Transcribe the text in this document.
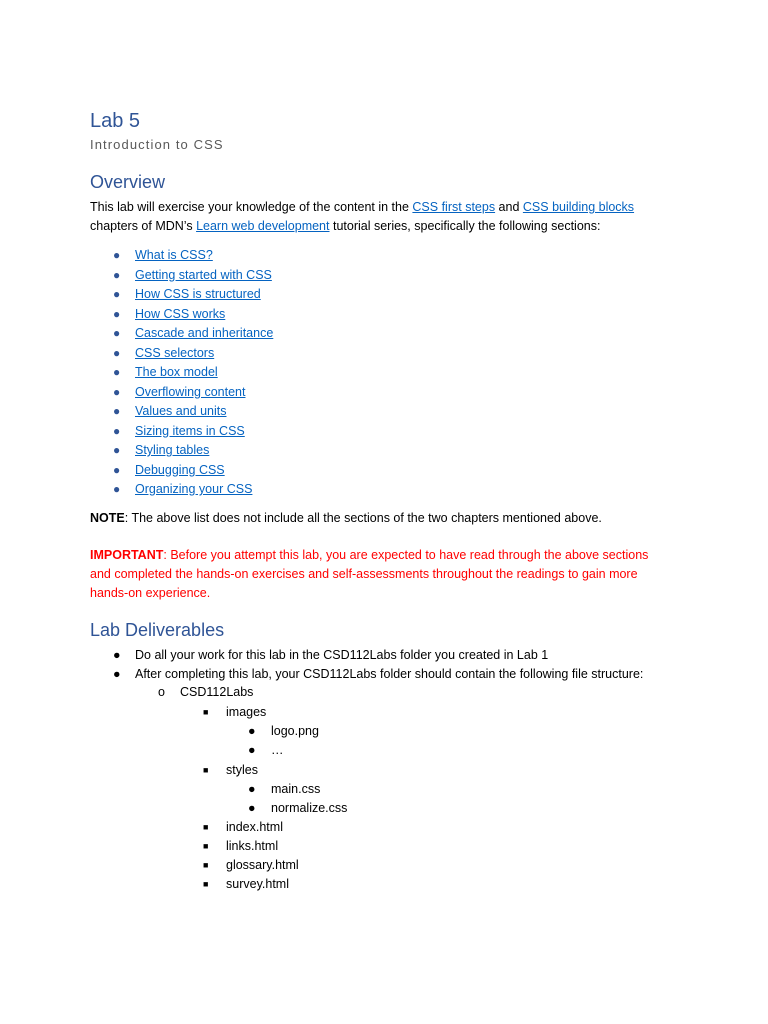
Lab 5
Introduction to CSS
Overview
This lab will exercise your knowledge of the content in the CSS first steps and CSS building blocks
chapters of MDN’s Learn web development tutorial series, specifically the following sections:
● What is CSS?
● Getting started with CSS
● How CSS is structured
● How CSS works
● Cascade and inheritance
● CSS selectors
● The box model
● Overflowing content
● Values and units
● Sizing items in CSS
● Styling tables
● Debugging CSS
● Organizing your CSS
NOTE: The above list does not include all the sections of the two chapters mentioned above.
IMPORTANT: Before you attempt this lab, you are expected to have read through the above sections
and completed the hands-on exercises and self-assessments throughout the readings to gain more
hands-on experience.
Lab Deliverables
● Do all your work for this lab in the CSD112Labs folder you created in Lab 1
● After completing this lab, your CSD112Labs folder should contain the following file structure:
o CSD112Labs
■ images
● logo.png
● …
■ styles
● main.css
● normalize.css
■ index.html
■ links.html
■ glossary.html
■ survey.html
